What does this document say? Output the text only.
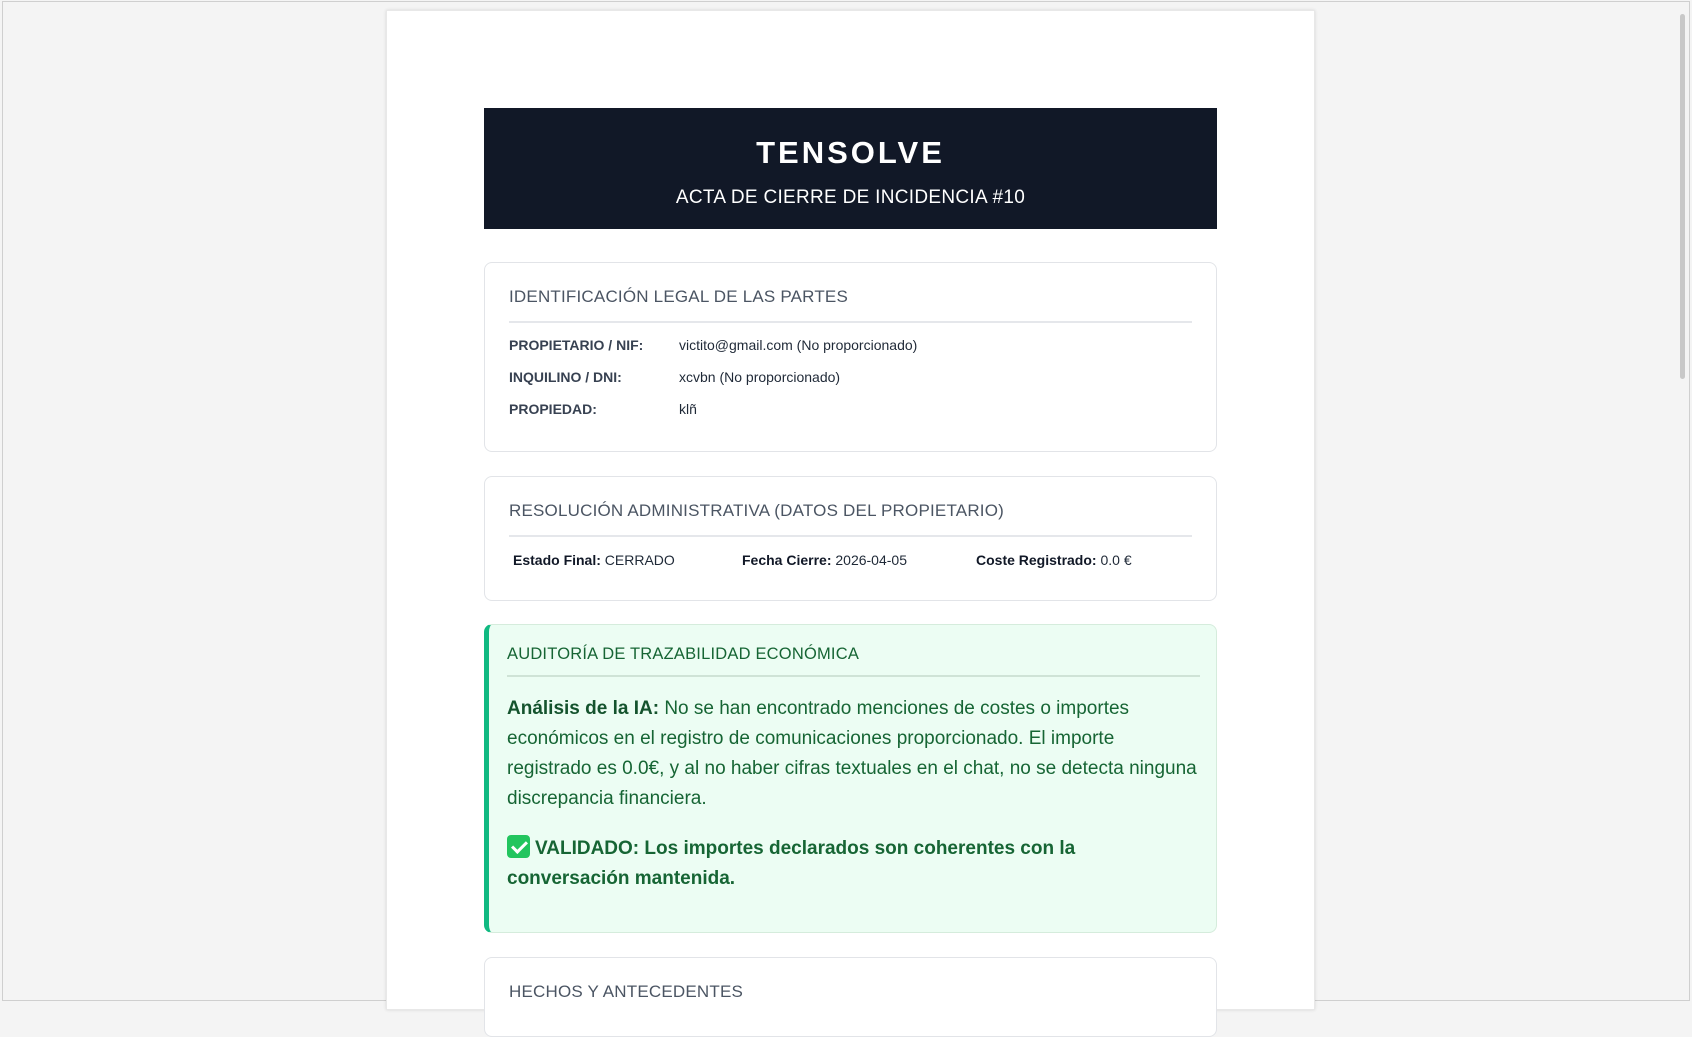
TENSOLVE
ACTA DE CIERRE DE INCIDENCIA #10
IDENTIFICACIÓN LEGAL DE LAS PARTES
PROPIETARIO / NIF:	victito@gmail.com (No proporcionado)
INQUILINO / DNI:	xcvbn (No proporcionado)
PROPIEDAD:	klñ
RESOLUCIÓN ADMINISTRATIVA (DATOS DEL PROPIETARIO)
Estado Final: CERRADO	Fecha Cierre: 2026-04-05	Coste Registrado: 0.0 €
AUDITORÍA DE TRAZABILIDAD ECONÓMICA
Análisis de la IA: No se han encontrado menciones de costes o importes económicos en el registro de comunicaciones proporcionado. El importe registrado es 0.0€, y al no haber cifras textuales en el chat, no se detecta ninguna discrepancia financiera.
VALIDADO: Los importes declarados son coherentes con la conversación mantenida.
HECHOS Y ANTECEDENTES
